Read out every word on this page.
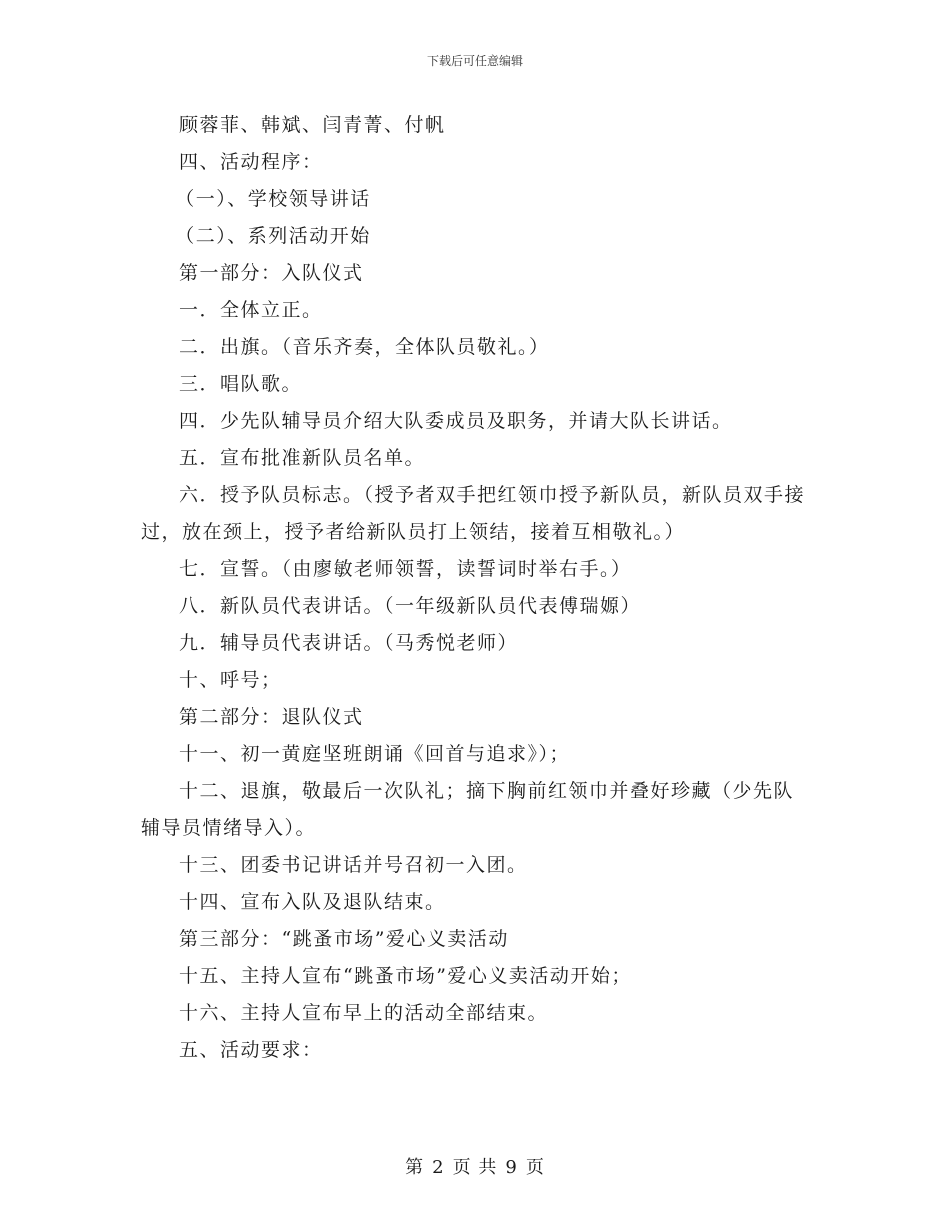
下载后可任意编辑

顾蓉菲、韩斌、闫青菁、付帆

四、活动程序：

（一）、学校领导讲话

（二）、系列活动开始

第一部分：入队仪式

一．全体立正。

二．出旗。（音乐齐奏，全体队员敬礼。）

三．唱队歌。

四．少先队辅导员介绍大队委成员及职务，并请大队长讲话。

五．宣布批准新队员名单。

六．授予队员标志。（授予者双手把红领巾授予新队员，新队员双手接过，放在颈上，授予者给新队员打上领结，接着互相敬礼。）

七．宣誓。（由廖敏老师领誓，读誓词时举右手。）

八．新队员代表讲话。（一年级新队员代表傅瑞嫄）

九．辅导员代表讲话。（马秀悦老师）

十、呼号；

第二部分：退队仪式

十一、初一黄庭坚班朗诵《回首与追求》）；

十二、退旗，敬最后一次队礼；摘下胸前红领巾并叠好珍藏（少先队辅导员情绪导入）。

十三、团委书记讲话并号召初一入团。

十四、宣布入队及退队结束。

第三部分：“跳蚤市场”爱心义卖活动

十五、主持人宣布“跳蚤市场”爱心义卖活动开始；

十六、主持人宣布早上的活动全部结束。

五、活动要求：

第 2 页 共 9 页
